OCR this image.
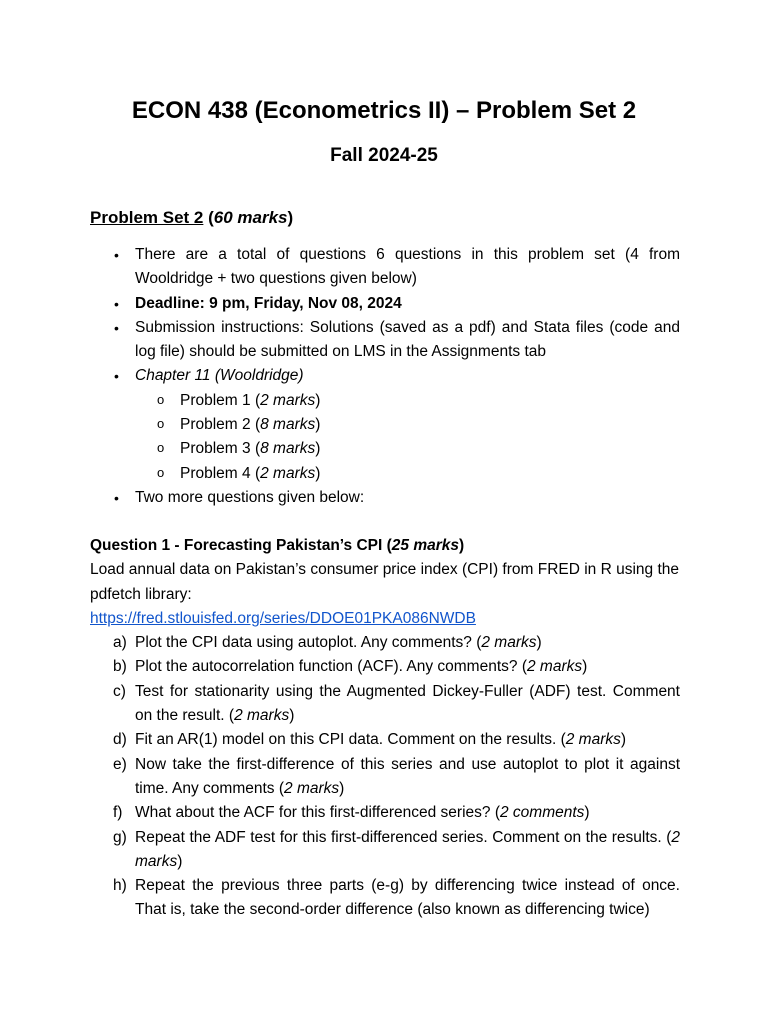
ECON 438 (Econometrics II) – Problem Set 2
Fall 2024-25
Problem Set 2 (60 marks)
• There are a total of questions 6 questions in this problem set (4 from Wooldridge + two questions given below)
• Deadline: 9 pm, Friday, Nov 08, 2024
• Submission instructions: Solutions (saved as a pdf) and Stata files (code and log file) should be submitted on LMS in the Assignments tab
• Chapter 11 (Wooldridge)
o Problem 1 (2 marks)
o Problem 2 (8 marks)
o Problem 3 (8 marks)
o Problem 4 (2 marks)
• Two more questions given below:
Question 1 - Forecasting Pakistan’s CPI (25 marks)
Load annual data on Pakistan’s consumer price index (CPI) from FRED in R using the pdfetch library:
https://fred.stlouisfed.org/series/DDOE01PKA086NWDB
a) Plot the CPI data using autoplot. Any comments? (2 marks)
b) Plot the autocorrelation function (ACF). Any comments? (2 marks)
c) Test for stationarity using the Augmented Dickey-Fuller (ADF) test. Comment on the result. (2 marks)
d) Fit an AR(1) model on this CPI data. Comment on the results. (2 marks)
e) Now take the first-difference of this series and use autoplot to plot it against time. Any comments (2 marks)
f) What about the ACF for this first-differenced series? (2 comments)
g) Repeat the ADF test for this first-differenced series. Comment on the results. (2 marks)
h) Repeat the previous three parts (e-g) by differencing twice instead of once. That is, take the second-order difference (also known as differencing twice)
